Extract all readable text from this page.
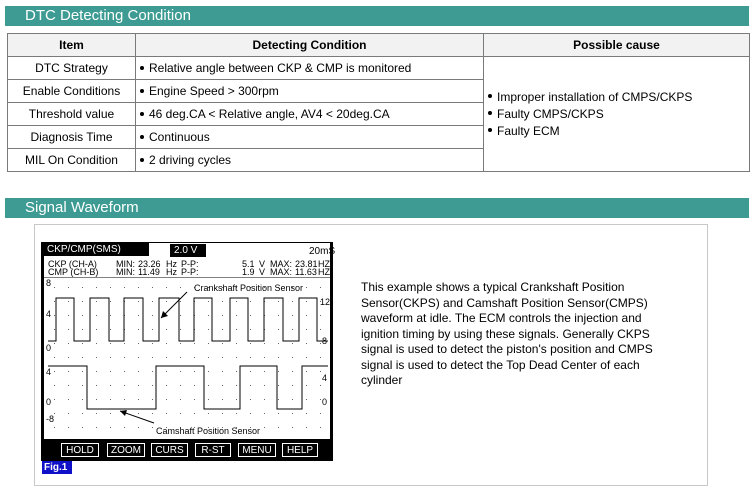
DTC Detecting Condition
Item	Detecting Condition	Possible cause
DTC Strategy	Relative angle between CKP & CMP is monitored	Improper installation of CMPS/CKPS
Faulty CMPS/CKPS
Faulty ECM

Enable Conditions	Engine Speed > 300rpm	
Threshold value	46 deg.CA < Relative angle, AV4 < 20deg.CA	
Diagnosis Time	Continuous	
MIL On Condition	2 driving cycles	
Signal Waveform
CKP/CMP(SMS)	2.0 V	20mS
CKP (CH-A) MIN: 23.26 Hz P-P:	5.1 V MAX: 23.81 HZ
CMP (CH-B) MIN: 11.49 Hz P-P:	1.9 V MAX: 11.63 HZ
Crankshaft Position Sensor
Camshaft Position Sensor
8
4
0
4
0
-8
12
8
4
0
HOLD	ZOOM	CURS	R-ST	MENU	HELP
Fig.1
This example shows a typical Crankshaft Position Sensor(CKPS) and Camshaft Position Sensor(CMPS) waveform at idle. The ECM controls the injection and ignition timing by using these signals. Generally CKPS signal is used to detect the piston's position and CMPS signal is used to detect the Top Dead Center of each cylinder
